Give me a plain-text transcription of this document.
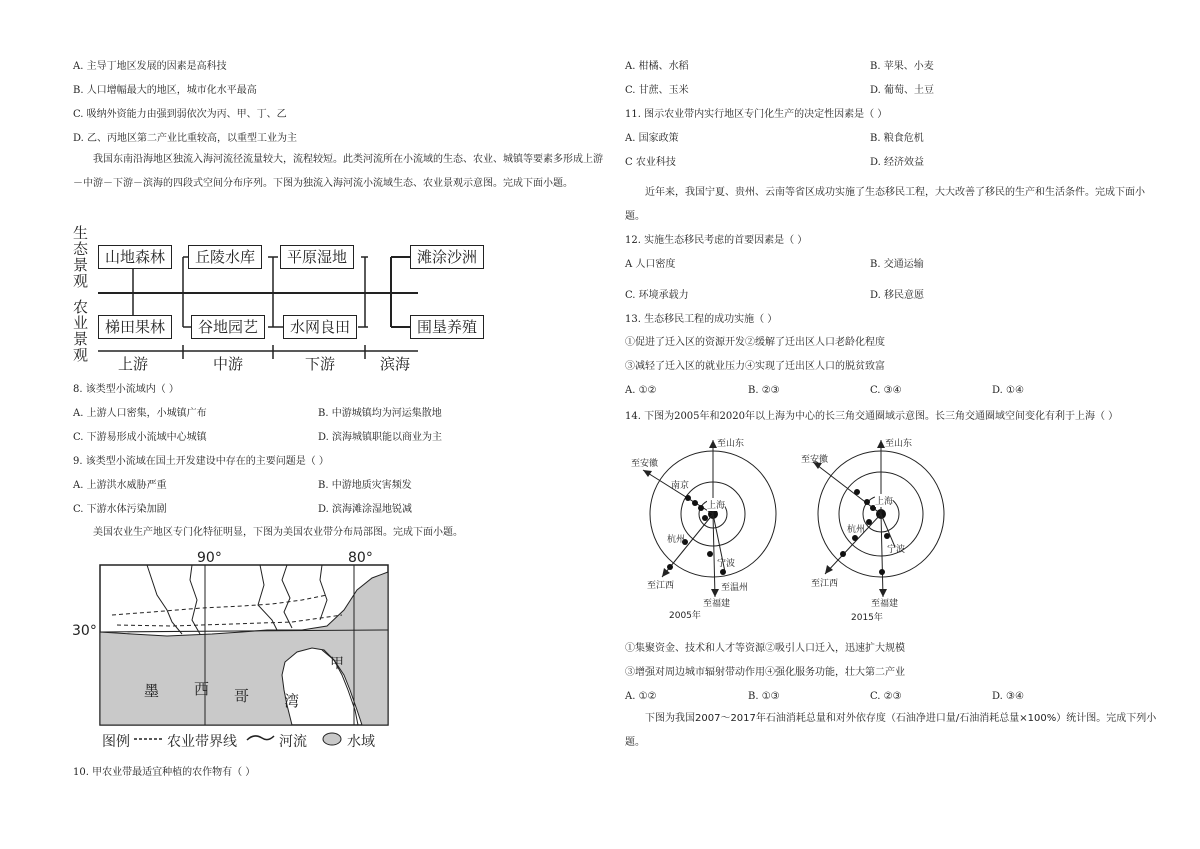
A. 主导丁地区发展的因素是高科技
B. 人口增幅最大的地区，城市化水平最高
C. 吸纳外资能力由强到弱依次为丙、甲、丁、乙
D. 乙、丙地区第二产业比重较高，以重型工业为主
我国东南沿海地区独流入海河流径流量较大，流程较短。此类河流所在小流域的生态、农业、城镇等要素多形成上游－中游－下游－滨海的四段式空间分布序列。下图为独流入海河流小流域生态、农业景观示意图。完成下面小题。
生态景观
农业景观
山地森林	丘陵水库	平原湿地	滩涂沙洲
梯田果林	谷地园艺	水网良田	围垦养殖
上游	中游	下游	滨海
8. 该类型小流域内（ ）
A. 上游人口密集，小城镇广布	B. 中游城镇均为河运集散地
C. 下游易形成小流域中心城镇	D. 滨海城镇职能以商业为主
9. 该类型小流域在国土开发建设中存在的主要问题是（ ）
A. 上游洪水威胁严重	B. 中游地质灾害频发
C. 下游水体污染加剧	D. 滨海滩涂湿地锐减
美国农业生产地区专门化特征明显，下图为美国农业带分布局部图。完成下面小题。
90°	80°
30°
墨 西 哥 湾
甲
图例	农业带界线	河流	水域
10. 甲农业带最适宜种植的农作物有（ ）
A. 柑橘、水稻	B. 苹果、小麦
C. 甘蔗、玉米	D. 葡萄、土豆
11. 图示农业带内实行地区专门化生产的决定性因素是（ ）
A. 国家政策	B. 粮食危机
C 农业科技	D. 经济效益
近年来，我国宁夏、贵州、云南等省区成功实施了生态移民工程，大大改善了移民的生产和生活条件。完成下面小题。
12. 实施生态移民考虑的首要因素是（ ）
A 人口密度	B. 交通运输
C. 环境承载力	D. 移民意愿
13. 生态移民工程的成功实施（ ）
①促进了迁入区的资源开发②缓解了迁出区人口老龄化程度
③减轻了迁入区的就业压力④实现了迁出区人口的脱贫致富
A. ①②	B. ②③	C. ③④	D. ①④
14. 下图为2005年和2020年以上海为中心的长三角交通圈域示意图。长三角交通圈域空间变化有利于上海（ ）
至山东
至安徽
南京
上海
杭州
宁波
至江西	至温州
至福建
2005年
至山东
至安徽
上海
杭州
宁波
至江西
至福建
2015年
①集聚资金、技术和人才等资源②吸引人口迁入，迅速扩大规模
③增强对周边城市辐射带动作用④强化服务功能，壮大第二产业
A. ①②	B. ①③	C. ②③	D. ③④
下图为我国2007～2017年石油消耗总量和对外依存度（石油净进口量/石油消耗总量×100%）统计图。完成下列小题。
